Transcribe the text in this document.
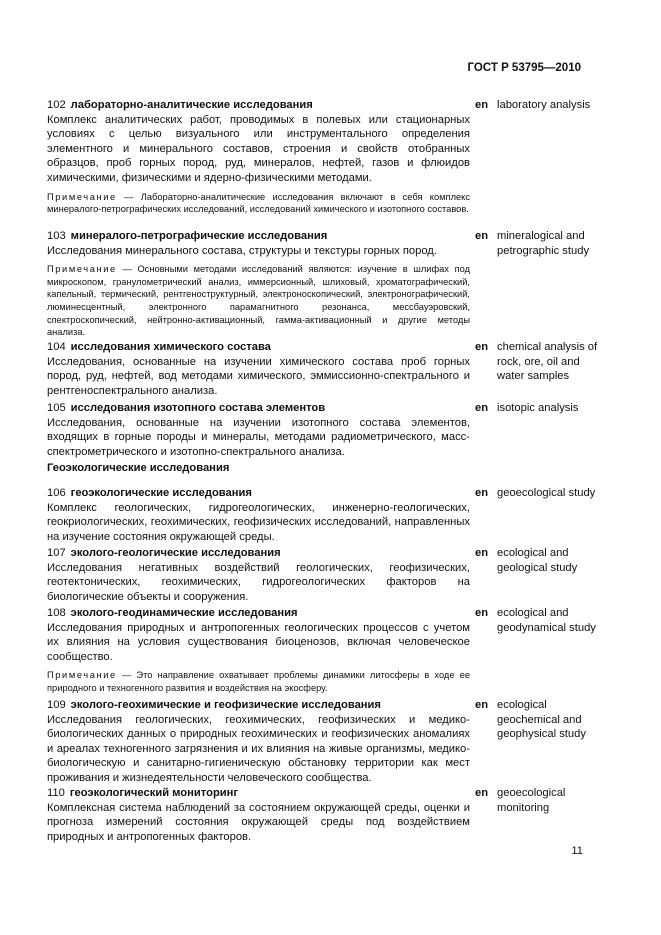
ГОСТ Р 53795—2010
102 лабораторно-аналитические исследования
Комплекс аналитических работ, проводимых в полевых или стационарных условиях с целью визуального или инструментального определения элементного и минерального составов, строения и свойств отобранных образцов, проб горных пород, руд, минералов, нефтей, газов и флюидов химическими, физическими и ядерно-физическими методами.
Примечание — Лабораторно-аналитические исследования включают в себя комплекс минералого-петрографических исследований, исследований химического и изотопного составов.
en laboratory analysis
103 минералого-петрографические исследования
Исследования минерального состава, структуры и текстуры горных пород.
Примечание — Основными методами исследований являются: изучение в шлифах под микроскопом, гранулометрический анализ, иммерсионный, шлиховый, хроматографический, капельный, термический, рентгеноструктурный, электроноскопический, электронографический, люминесцентный, электронного парамагнитного резонанса, мессбауэровский, спектроскопический, нейтронно-активационный, гамма-активационный и другие методы анализа.
en mineralogical and petrographic study
104 исследования химического состава
Исследования, основанные на изучении химического состава проб горных пород, руд, нефтей, вод методами химического, эммиссионно-спектрального и рентгеноспектрального анализа.
en chemical analysis of rock, ore, oil and water samples
105 исследования изотопного состава элементов
Исследования, основанные на изучении изотопного состава элементов, входящих в горные породы и минералы, методами радиометрического, масс-спектрометрического и изотопно-спектрального анализа.
en isotopic analysis
Геоэкологические исследования
106 геоэкологические исследования
Комплекс геологических, гидрогеологических, инженерно-геологических, геокриологических, геохимических, геофизических исследований, направленных на изучение состояния окружающей среды.
en geoecological study
107 эколого-геологические исследования
Исследования негативных воздействий геологических, геофизических, геотектонических, геохимических, гидрогеологических факторов на биологические объекты и сооружения.
en ecological and geological study
108 эколого-геодинамические исследования
Исследования природных и антропогенных геологических процессов с учетом их влияния на условия существования биоценозов, включая человеческое сообщество.
Примечание — Это направление охватывает проблемы динамики литосферы в ходе ее природного и техногенного развития и воздействия на экосферу.
en ecological and geodynamical study
109 эколого-геохимические и геофизические исследования
Исследования геологических, геохимических, геофизических и медико-биологических данных о природных геохимических и геофизических аномалиях и ареалах техногенного загрязнения и их влияния на живые организмы, медико-биологическую и санитарно-гигиеническую обстановку территории как мест проживания и жизнедеятельности человеческого сообщества.
en ecological geochemical and geophysical study
110 геоэкологический мониторинг
Комплексная система наблюдений за состоянием окружающей среды, оценки и прогноза измерений состояния окружающей среды под воздействием природных и антропогенных факторов.
en geoecological monitoring
11
